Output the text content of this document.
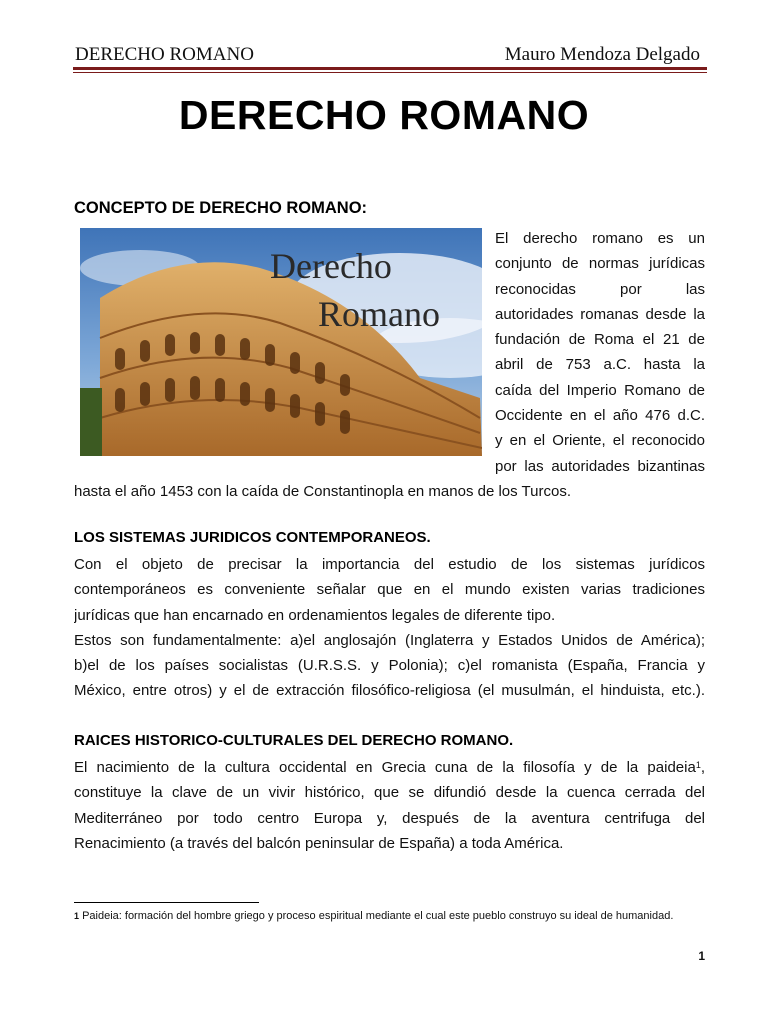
DERECHO ROMANO	Mauro Mendoza Delgado
DERECHO ROMANO
CONCEPTO DE DERECHO ROMANO:
Derecho
Romano
El derecho romano es un
conjunto de normas jurídicas
reconocidas por las
autoridades romanas desde la
fundación de Roma el 21 de
abril de 753 a.C. hasta la
caída del Imperio Romano de
Occidente en el año 476 d.C.
y en el Oriente, el reconocido
por las autoridades bizantinas
hasta el año 1453 con la caída de Constantinopla en manos de los Turcos.
LOS SISTEMAS JURIDICOS CONTEMPORANEOS.
Con el objeto de precisar la importancia del estudio de los sistemas jurídicos
contemporáneos es conveniente señalar que en el mundo existen varias tradiciones
jurídicas que han encarnado en ordenamientos legales de diferente tipo.
Estos son fundamentalmente: a)el anglosajón (Inglaterra y Estados Unidos de América);
b)el de los países socialistas (U.R.S.S. y Polonia); c)el romanista (España, Francia y
México, entre otros) y el de extracción filosófico-religiosa (el musulmán, el hinduista, etc.).
RAICES HISTORICO-CULTURALES DEL DERECHO ROMANO.
El nacimiento de la cultura occidental en Grecia cuna de la filosofía y de la paideia$^1$,
constituye la clave de un vivir histórico, que se difundió desde la cuenca cerrada del
Mediterráneo por todo centro Europa y, después de la aventura centrifuga del
Renacimiento (a través del balcón peninsular de España) a toda América.
$^1$ Paideia: formación del hombre griego y proceso espiritual mediante el cual este pueblo construyo su ideal de humanidad.
1
